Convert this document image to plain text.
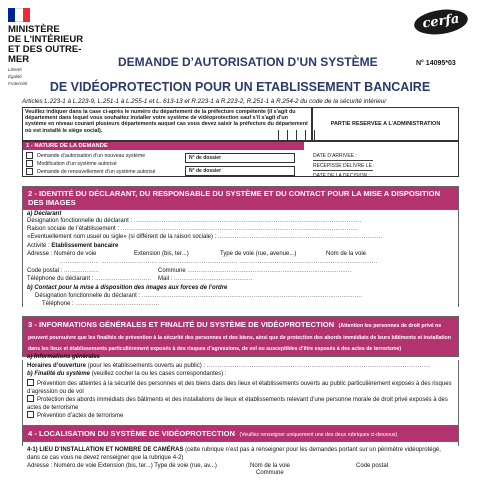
MINISTÈRE
DE L'INTÉRIEUR
ET DES OUTRE-MER
Liberté
Égalité
Fraternité
DEMANDE D’AUTORISATION D’UN SYSTÈME
cerfa
N° 14095*03
DE VIDÉOPROTECTION POUR UN ETABLISSEMENT BANCAIRE
Articles L.223-1 à L.223-9, L.251-1 à L.255-1 et L. 613-13 et R.223-1 à R.223-2, R.251-1 à R.254-2 du code de la sécurité intérieur
Veuillez indiquer dans la case ci-après le numéro du département de la préfecture compétente (il s'agit du département dans lequel vous souhaitez installer votre système de vidéoprotection sauf s'il s'agit d'un système en niveau courant plusieurs départements auquel cas vous devez saisir la préfecture du département où est installé le siège social).
PARTIE RESERVEE A L’ADMINISTRATION
1 - NATURE DE LA DEMANDE
Demande d’autorisation d’un nouveau système
Modification d’un système autorisé
Demande de renouvellement d’un système autorisé
N° de dossier
N° de dossier
DATE D’ARRIVEE :
RECEPISSE DELIVRE LE :
DATE DE LA DECISION :
2 - IDENTITÉ DU DÉCLARANT, DU RESPONSABLE DU SYSTÈME ET DU CONTACT POUR LA MISE A DISPOSITION DES IMAGES
a) Déclarant
Désignation fonctionnelle du déclarant : ..........................................................................................................................
Raison sociale de l’établissement : ...............................................................................................................................
«Eventuellement nom usuel ou sigle» (si différent de la raison sociale) : ........................................................................................
Activité : Etablissement bancaire
Adresse : Numéro de voie	Extension (bis, ter...)	Type de voie (rue, avenue...)	Nom de la voie
..................... .............................. .......................................... ..........................................................................
Code postal : ...................	Commune ........................................................................................
Téléphone du déclarant : .............................. Mail : ..........................................
b) Contact pour la mise à disposition des images aux forces de l’ordre
Désignation fonctionnelle du déclarant : ......................................................................................................................
Téléphone : .............................................
3 - INFORMATIONS GÉNÉRALES ET FINALITÉ DU SYSTÈME DE VIDÉOPROTECTION (Attention les personnes de droit privé ne peuvent poursuivre que les finalités de prévention à la sécurité des personnes et des biens, ainsi que de protection des abords immédiats de leurs bâtiments et installation dans les lieux et établissements particulièrement exposés à des risques d’agressions, de vol ou susceptibles d’être exposés à des actes de terrorisme)
a) Informations générales
Horaires d’ouverture (pour les établissements ouverts au public) : ........................................................................................................................
b) Finalité du système (veuillez cocher la ou les cases correspondantes) :
Prévention des atteintes à la sécurité des personnes et des biens dans des lieux et établissements ouverts au public particulièrement exposés à des risques d’agression ou de vol
Protection des abords immédiats des bâtiments et des installations de lieux et établissements relevant d’une personne morale de droit privé exposés à des actes de terrorisme
Prévention d’actes de terrorisme
4 - LOCALISATION DU SYSTÈME DE VIDÉOPROTECTION (Veuillez renseigner uniquement une des deux rubriques ci-dessous)
4-1) LIEU D’INSTALLATION ET NOMBRE DE CAMÉRAS (cette rubrique n’est pas à renseigner pour les demandes portant sur un périmètre vidéoprotégé, dans ce cas vous ne devez renseigner que la rubrique 4-2)
Adresse : Numéro de voie Extension (bis, ter...) Type de voie (rue, av...)	Nom de la voie	Code postal
Commune
